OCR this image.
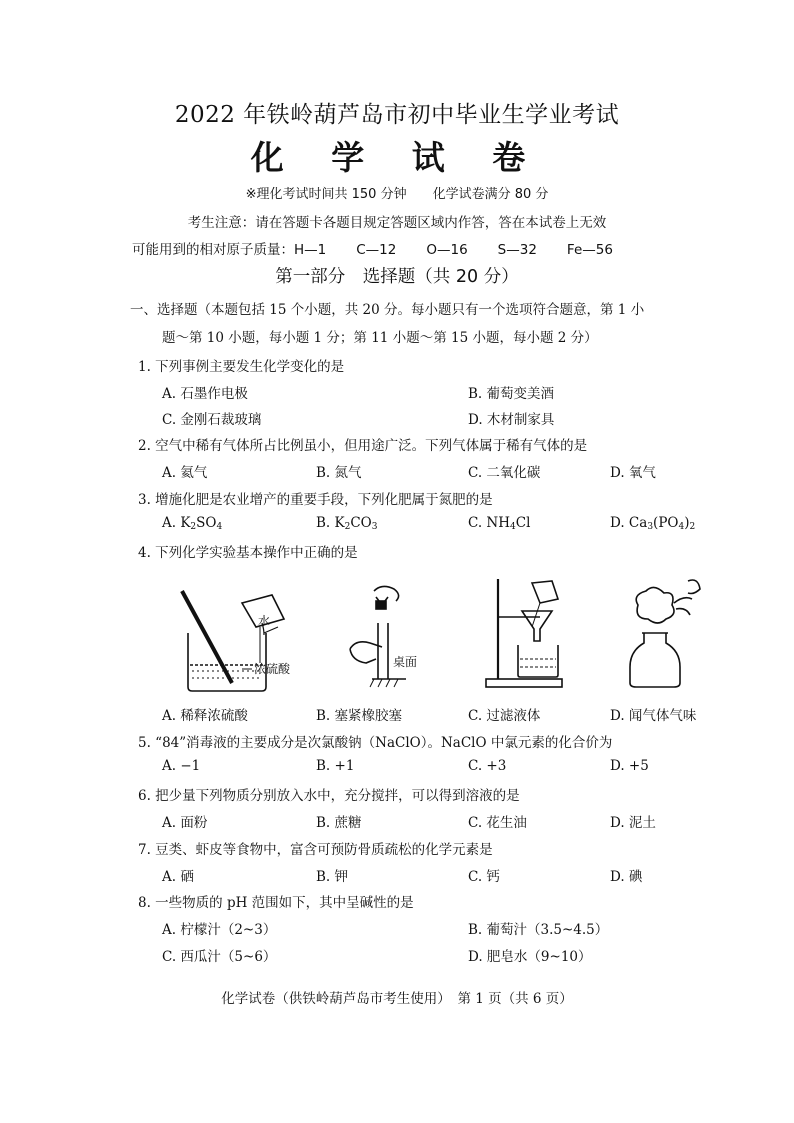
2022 年铁岭葫芦岛市初中毕业生学业考试
化 学 试 卷
※理化考试时间共 150 分钟 化学试卷满分 80 分
考生注意：请在答题卡各题目规定答题区域内作答，答在本试卷上无效
可能用到的相对原子质量：H—1 C—12 O—16 S—32 Fe—56
第一部分　选择题（共 20 分）
一、选择题（本题包括 15 个小题，共 20 分。每小题只有一个选项符合题意，第 1 小
题～第 10 小题，每小题 1 分；第 11 小题～第 15 小题，每小题 2 分）
1. 下列事例主要发生化学变化的是
A. 石墨作电极	B. 葡萄变美酒
C. 金刚石裁玻璃	D. 木材制家具
2. 空气中稀有气体所占比例虽小，但用途广泛。下列气体属于稀有气体的是
A. 氦气	B. 氮气	C. 二氧化碳	D. 氧气
3. 增施化肥是农业增产的重要手段，下列化肥属于氮肥的是
A. $K_2SO_4$	B. $K_2CO_3$	C. $NH_4Cl$	D. $Ca_3(PO_4)_2$
4. 下列化学实验基本操作中正确的是
水
浓硫酸	桌面
A. 稀释浓硫酸	B. 塞紧橡胶塞	C. 过滤液体	D. 闻气体气味
5. “84”消毒液的主要成分是次氯酸钠（NaClO）。NaClO 中氯元素的化合价为
A. −1	B. +1	C. +3	D. +5
6. 把少量下列物质分别放入水中，充分搅拌，可以得到溶液的是
A. 面粉	B. 蔗糖	C. 花生油	D. 泥土
7. 豆类、虾皮等食物中，富含可预防骨质疏松的化学元素是
A. 硒	B. 钾	C. 钙	D. 碘
8. 一些物质的 pH 范围如下，其中呈碱性的是
A. 柠檬汁（2~3）	B. 葡萄汁（3.5~4.5）
C. 西瓜汁（5~6）	D. 肥皂水（9~10）
化学试卷（供铁岭葫芦岛市考生使用）　第 1 页（共 6 页）
